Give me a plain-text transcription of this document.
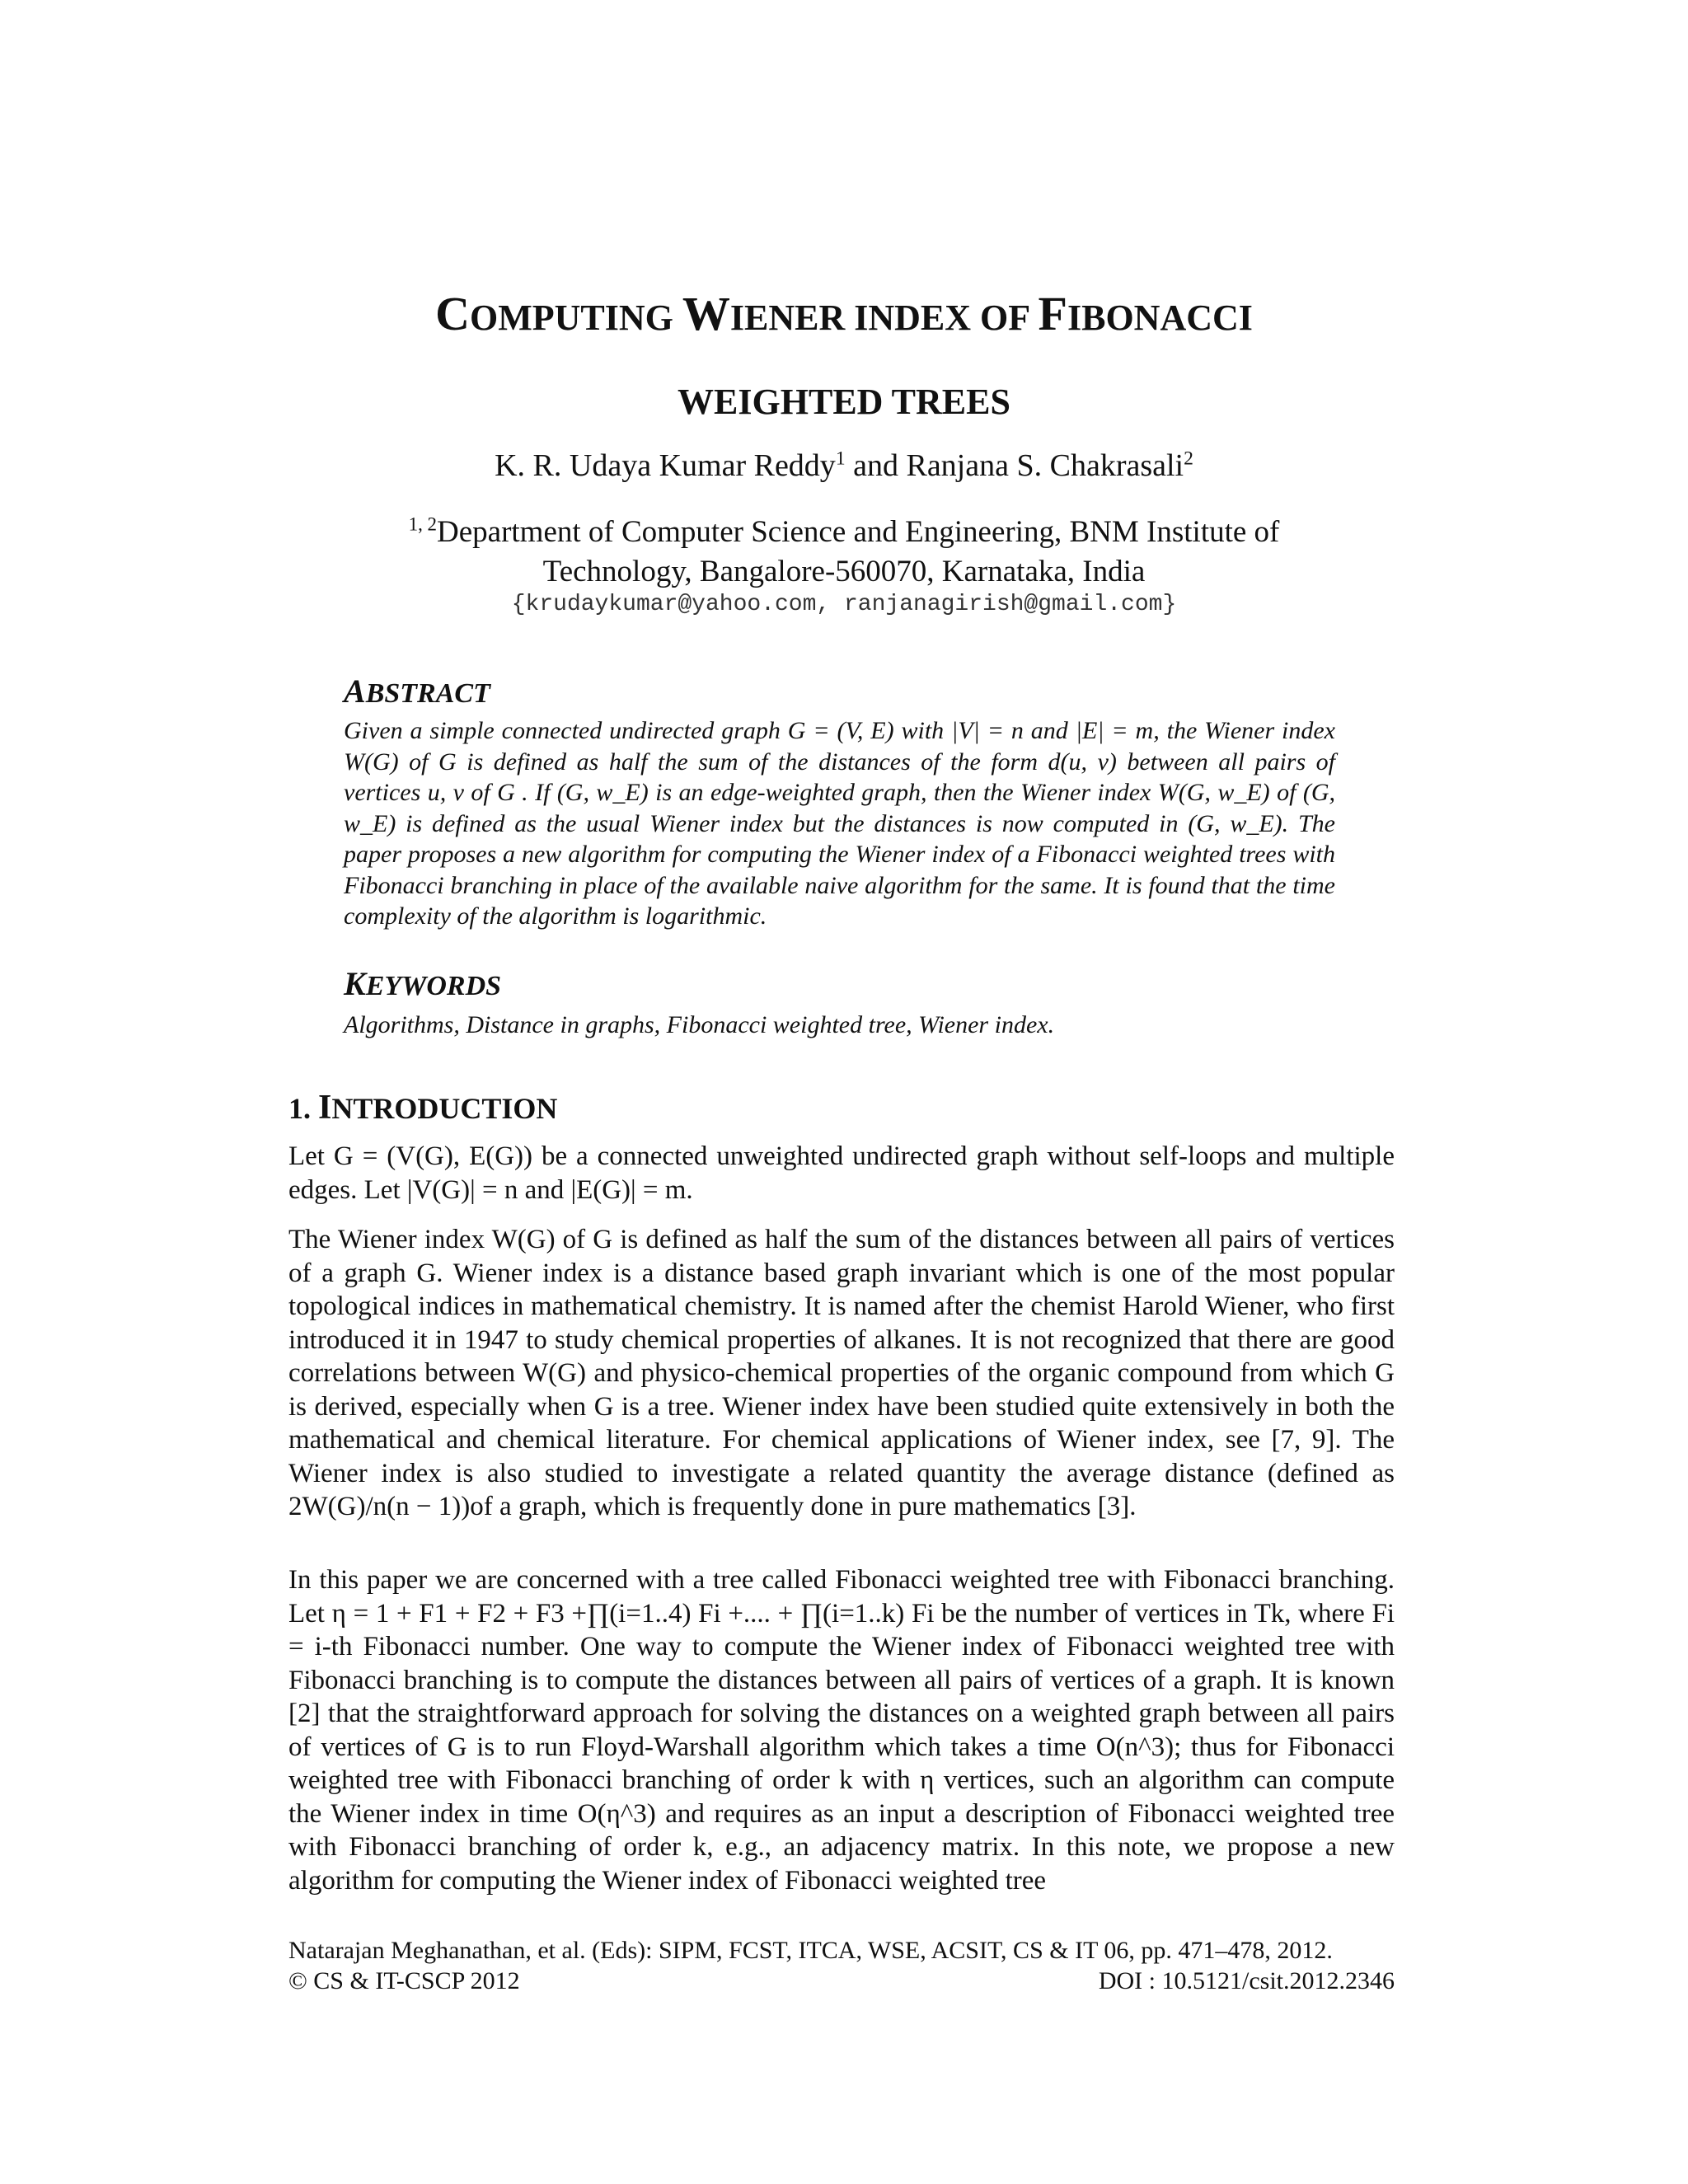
COMPUTING WIENER INDEX OF FIBONACCI
WEIGHTED TREES
K. R. Udaya Kumar Reddy$^1$ and Ranjana S. Chakrasali$^2$
$^{1, 2}$Department of Computer Science and Engineering, BNM Institute of
Technology, Bangalore-560070, Karnataka, India
{krudaykumar@yahoo.com, ranjanagirish@gmail.com}
ABSTRACT
Given a simple connected undirected graph G = (V, E) with |V| = n and |E| = m, the Wiener index W(G) of G is defined as half the sum of the distances of the form d(u, v) between all pairs of vertices u, v of G . If (G, w_E) is an edge-weighted graph, then the Wiener index W(G, w_E) of (G, w_E) is defined as the usual Wiener index but the distances is now computed in (G, w_E). The paper proposes a new algorithm for computing the Wiener index of a Fibonacci weighted trees with Fibonacci branching in place of the available naive algorithm for the same. It is found that the time complexity of the algorithm is logarithmic.
KEYWORDS
Algorithms, Distance in graphs, Fibonacci weighted tree, Wiener index.
1. INTRODUCTION
Let G = (V(G), E(G)) be a connected unweighted undirected graph without self-loops and multiple edges. Let |V(G)| = n and |E(G)| = m.
The Wiener index W(G) of G is defined as half the sum of the distances between all pairs of vertices of a graph G. Wiener index is a distance based graph invariant which is one of the most popular topological indices in mathematical chemistry. It is named after the chemist Harold Wiener, who first introduced it in 1947 to study chemical properties of alkanes. It is not recognized that there are good correlations between W(G) and physico-chemical properties of the organic compound from which G is derived, especially when G is a tree. Wiener index have been studied quite extensively in both the mathematical and chemical literature. For chemical applications of Wiener index, see [7, 9]. The Wiener index is also studied to investigate a related quantity the average distance (defined as 2W(G)/n(n − 1))of a graph, which is frequently done in pure mathematics [3].
In this paper we are concerned with a tree called Fibonacci weighted tree with Fibonacci branching. Let η = 1 + F1 + F2 + F3 +∏(i=1..4) Fi +.... + ∏(i=1..k) Fi be the number of vertices in Tk, where Fi = i-th Fibonacci number. One way to compute the Wiener index of Fibonacci weighted tree with Fibonacci branching is to compute the distances between all pairs of vertices of a graph. It is known [2] that the straightforward approach for solving the distances on a weighted graph between all pairs of vertices of G is to run Floyd-Warshall algorithm which takes a time O(n^3); thus for Fibonacci weighted tree with Fibonacci branching of order k with η vertices, such an algorithm can compute the Wiener index in time O(η^3) and requires as an input a description of Fibonacci weighted tree with Fibonacci branching of order k, e.g., an adjacency matrix. In this note, we propose a new algorithm for computing the Wiener index of Fibonacci weighted tree
Natarajan Meghanathan, et al. (Eds): SIPM, FCST, ITCA, WSE, ACSIT, CS & IT 06, pp. 471–478, 2012.
© CS & IT-CSCP 2012	DOI : 10.5121/csit.2012.2346
